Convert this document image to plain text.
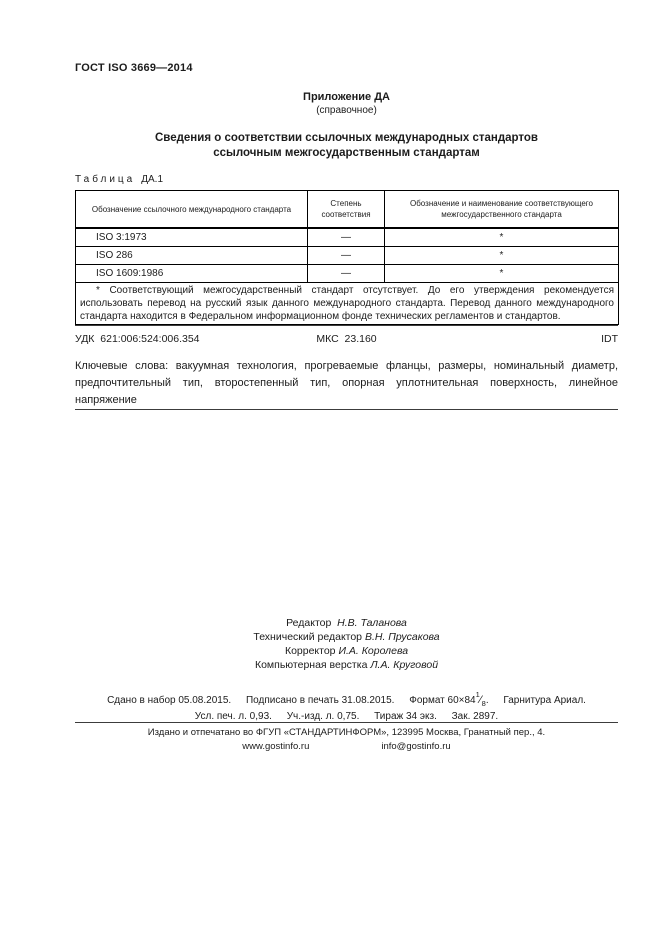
ГОСТ ISO 3669—2014
Приложение ДА
(справочное)
Сведения о соответствии ссылочных международных стандартов
ссылочным межгосударственным стандартам
Таблица ДА.1
Обозначение ссылочного международного стандарта	Степень соответствия	Обозначение и наименование соответствующего межгосударственного стандарта
ISO 3:1973	—	*
ISO 286	—	*
ISO 1609:1986	—	*
* Соответствующий межгосударственный стандарт отсутствует. До его утверждения рекомендуется использовать перевод на русский язык данного международного стандарта. Перевод данного международного стандарта находится в Федеральном информационном фонде технических регламентов и стандартов.		
УДК  621:006:524:006.354	МКС  23.160	IDT
Ключевые слова: вакуумная технология, прогреваемые фланцы, размеры, номинальный диаметр, предпочтительный тип, второстепенный тип, опорная уплотнительная поверхность, линейное напряжение
Редактор Н.В. Таланова
Технический редактор В.Н. Прусакова
Корректор И.А. Королева
Компьютерная верстка Л.А. Круговой
Сдано в набор 05.08.2015. Подписано в печать 31.08.2015. Формат $60\times 84^1⁄_8$. Гарнитура Ариал.
Усл. печ. л. 0,93. Уч.-изд. л. 0,75. Тираж 34 экз. Зак. 2897.
Издано и отпечатано во ФГУП «СТАНДАРТИНФОРМ», 123995 Москва, Гранатный пер., 4.
www.gostinfo.ru	info@gostinfo.ru
